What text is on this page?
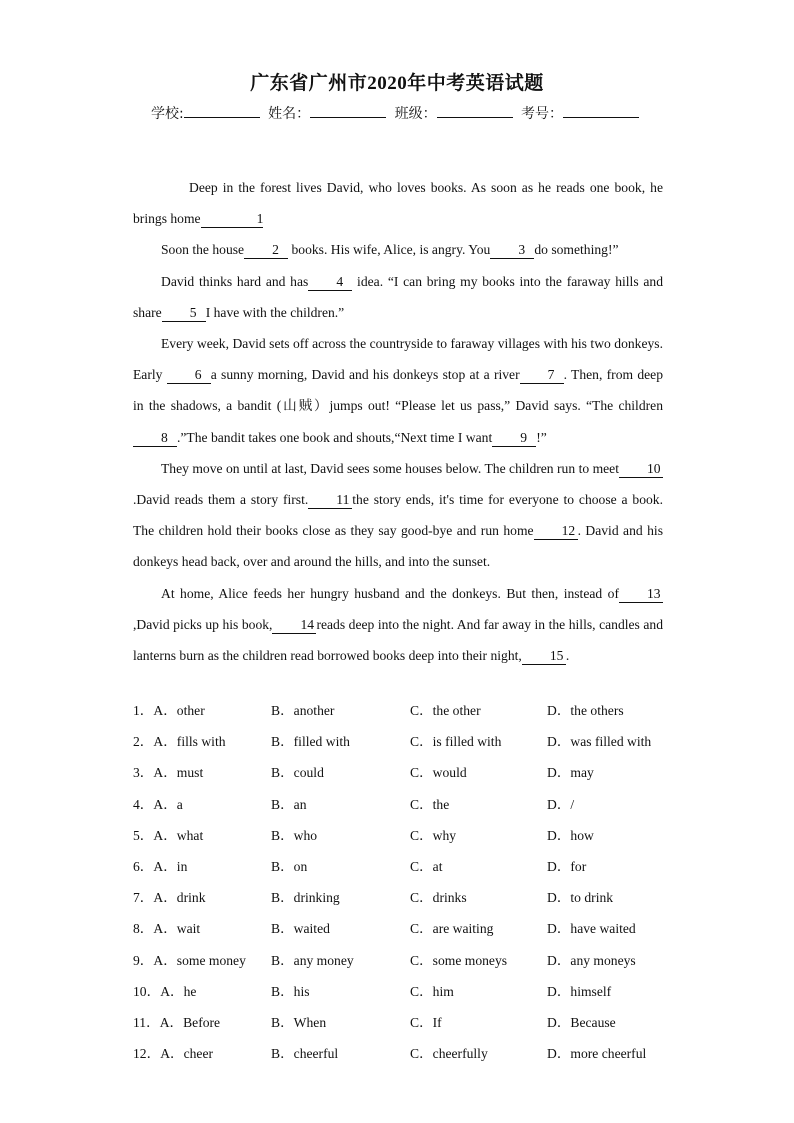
广东省广州市2020年中考英语试题
学校:	姓名：	班级：	考号：

Deep in the forest lives David, who loves books. As soon as he reads one book, he brings home	1

Soon the house 2 books. His wife, Alice, is angry. You 3 do something!”

David thinks hard and has 4 idea. “I can bring my books into the faraway hills and share 5 I have with the children.”

Every week, David sets off across the countryside to faraway villages with his two donkeys. Early 6 a sunny morning, David and his donkeys stop at a river 7 . Then, from deep in the shadows, a bandit (山贼）jumps out! “Please let us pass,” David says. “The children 8 .”The bandit takes one book and shouts,“Next time I want 9 !”

They move on until at last, David sees some houses below. The children run to meet 10.David reads them a story first. 11 the story ends, it's time for everyone to choose a book. The children hold their books close as they say good-bye and run home 12 . David and his donkeys head back, over and around the hills, and into the sunset.

At home, Alice feeds her hungry husband and the donkeys. But then, instead of 13,David picks up his book, 14 reads deep into the night. And far away in the hills, candles and lanterns burn as the children read borrowed books deep into their night, 15 .

1．A．other	B．another	C．the other	D．the others
2．A．fills with	B．filled with	C．is filled with	D．was filled with
3．A．must	B．could	C．would	D．may
4．A．a	B．an	C．the	D．/
5．A．what	B．who	C．why	D．how
6．A．in	B．on	C．at	D．for
7．A．drink	B．drinking	C．drinks	D．to drink
8．A．wait	B．waited	C．are waiting	D．have waited
9．A．some money B．any money	C．some moneys	D．any moneys
10．A．he	B．his	C．him	D．himself
11．A．Before	B．When	C．If	D．Because
12．A．cheer	B．cheerful	C．cheerfully	D．more cheerful
